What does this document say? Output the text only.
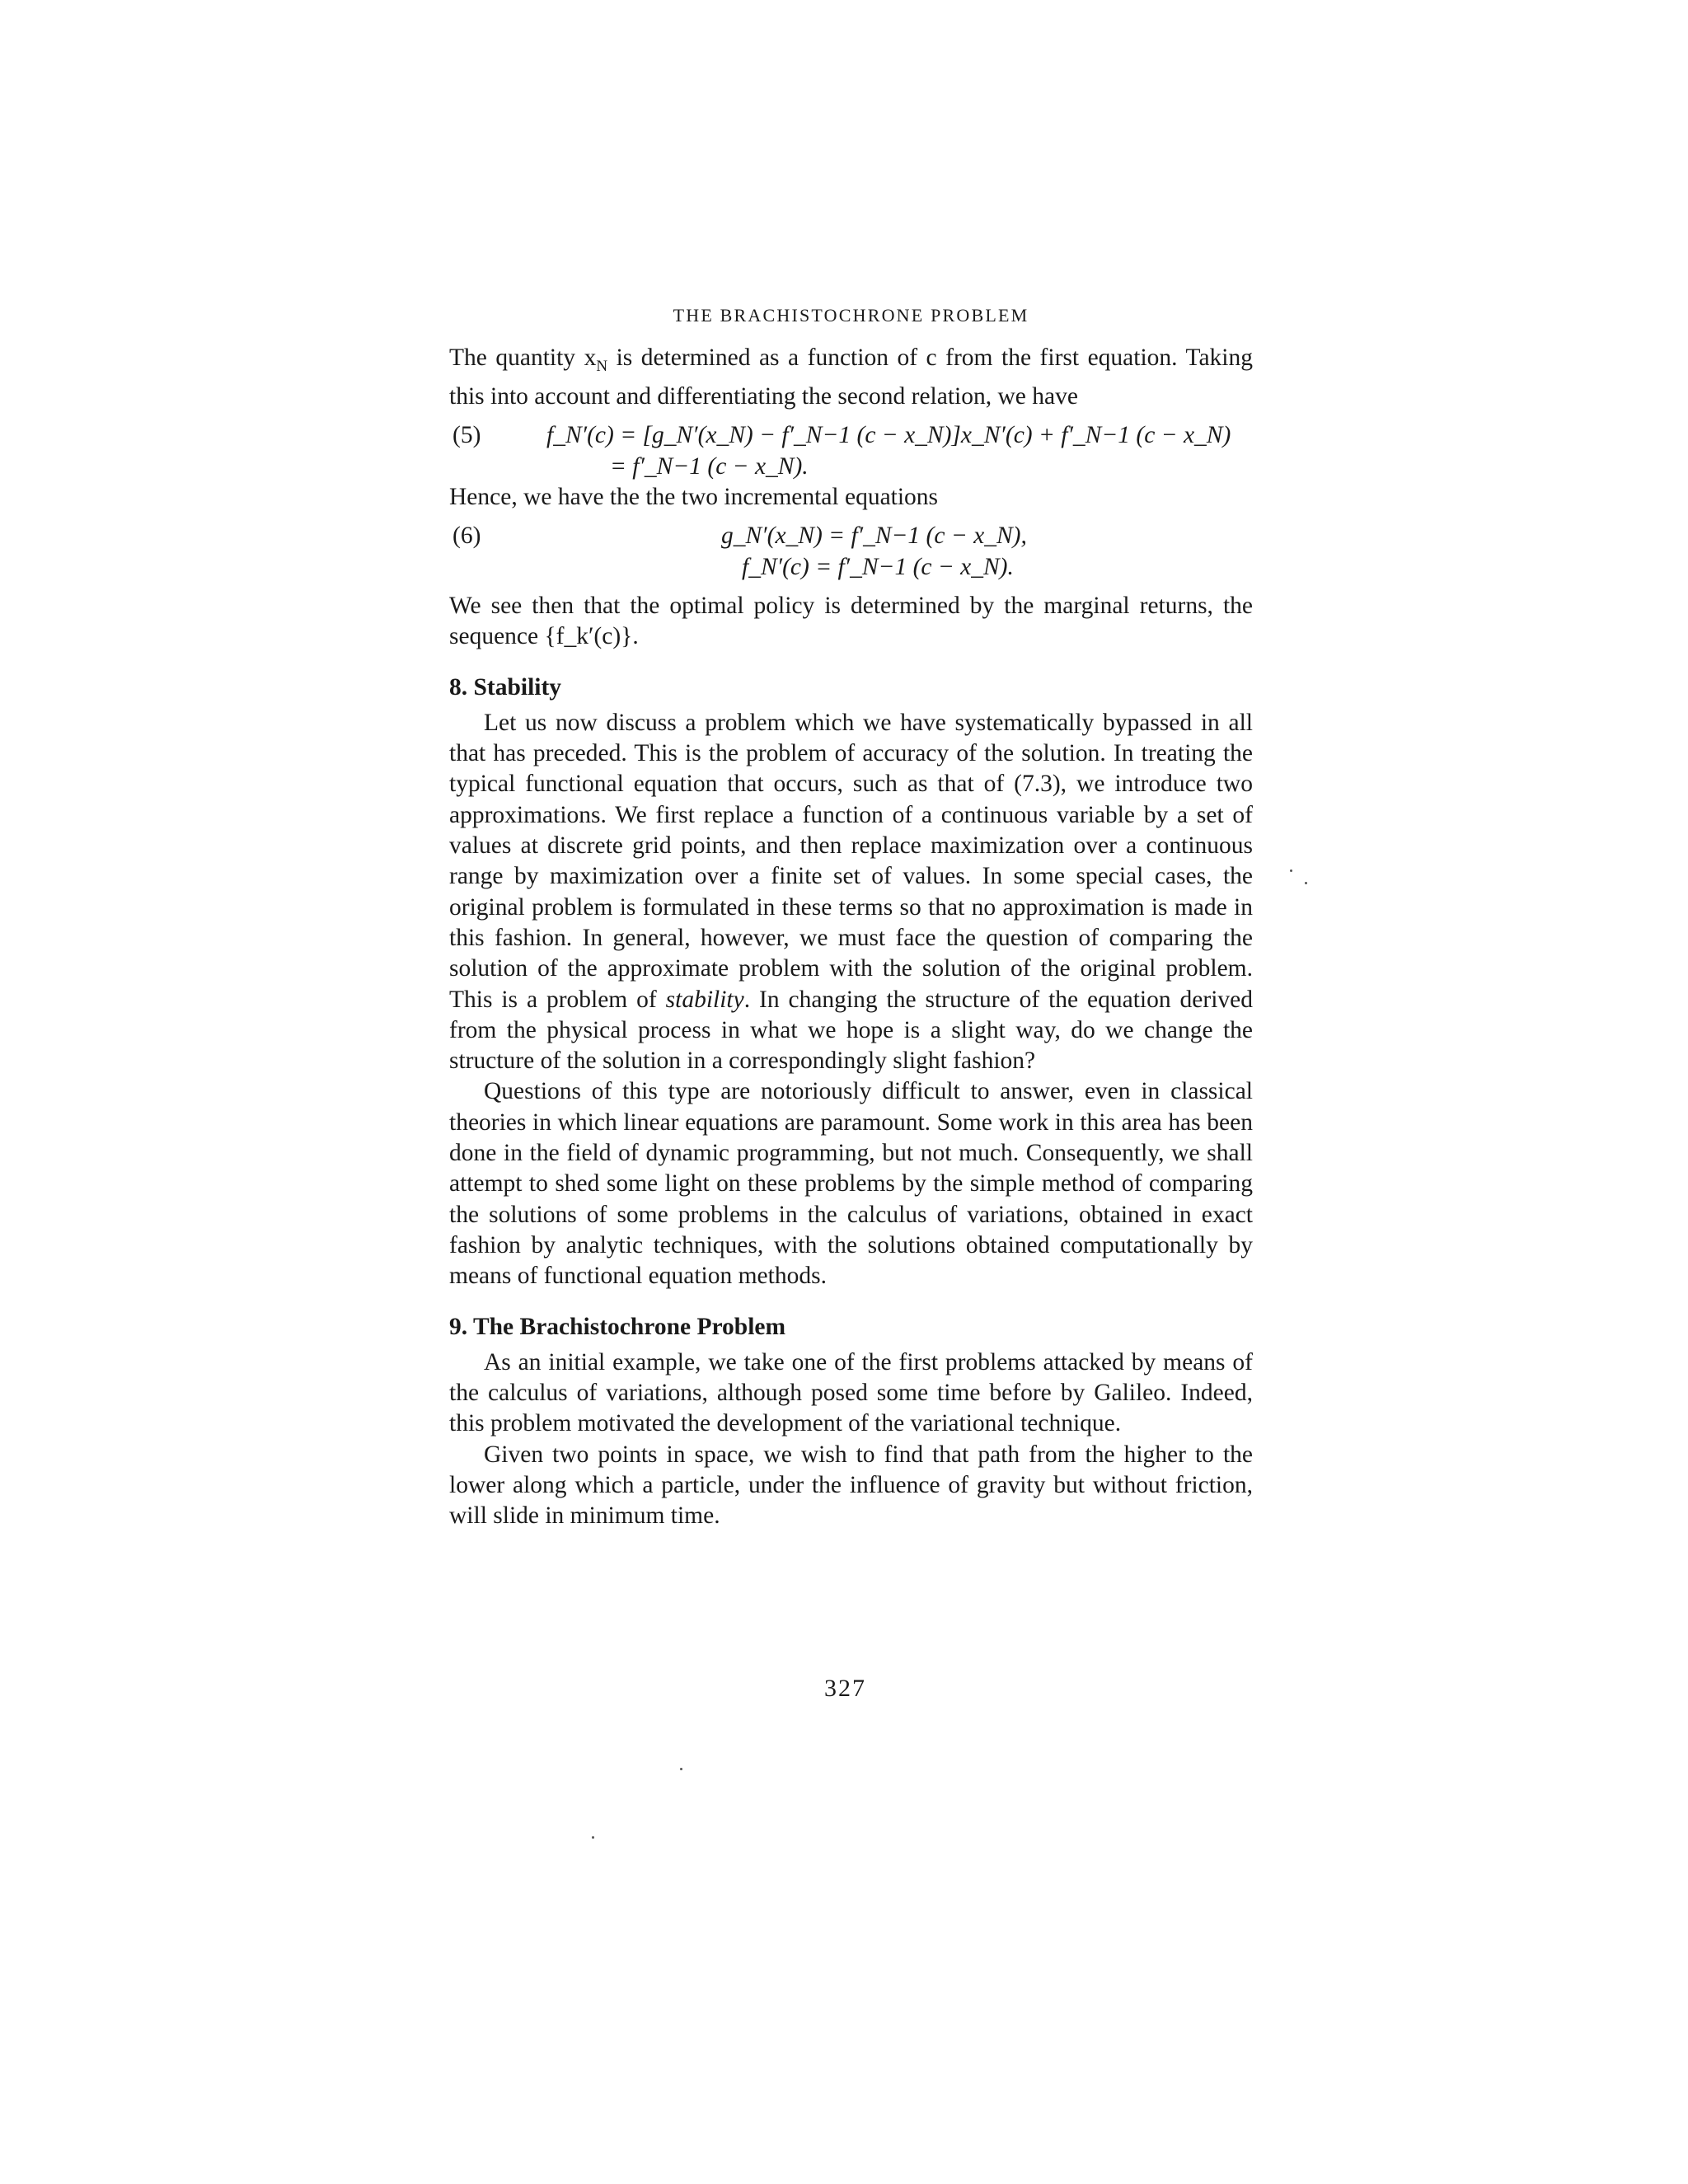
THE BRACHISTOCHRONE PROBLEM

The quantity $x_N$ is determined as a function of c from the first equation. Taking this into account and differentiating the second relation, we have

(5)	f_N′(c) = [g_N′(x_N) − f′_N−1 (c − x_N)]x_N′(c) + f′_N−1 (c − x_N)
= f′_N−1 (c − x_N).

Hence, we have the the two incremental equations

(6)	g_N′(x_N) = f′_N−1 (c − x_N),
f_N′(c) = f′_N−1 (c − x_N).

We see then that the optimal policy is determined by the marginal returns, the sequence {f_k′(c)}.

8. Stability

Let us now discuss a problem which we have systematically bypassed in all that has preceded. This is the problem of accuracy of the solution. In treating the typical functional equation that occurs, such as that of (7.3), we introduce two approximations. We first replace a function of a continuous variable by a set of values at discrete grid points, and then replace maximization over a continuous range by maximization over a finite set of values. In some special cases, the original problem is formulated in these terms so that no approximation is made in this fashion. In general, however, we must face the question of comparing the solution of the approximate problem with the solution of the original problem. This is a problem of stability. In changing the structure of the equation derived from the physical process in what we hope is a slight way, do we change the structure of the solution in a correspondingly slight fashion?

Questions of this type are notoriously difficult to answer, even in classical theories in which linear equations are paramount. Some work in this area has been done in the field of dynamic programming, but not much. Consequently, we shall attempt to shed some light on these problems by the simple method of comparing the solutions of some problems in the calculus of variations, obtained in exact fashion by analytic techniques, with the solutions obtained computationally by means of functional equation methods.

9. The Brachistochrone Problem

As an initial example, we take one of the first problems attacked by means of the calculus of variations, although posed some time before by Galileo. Indeed, this problem motivated the development of the variational technique.

Given two points in space, we wish to find that path from the higher to the lower along which a particle, under the influence of gravity but without friction, will slide in minimum time.

327
